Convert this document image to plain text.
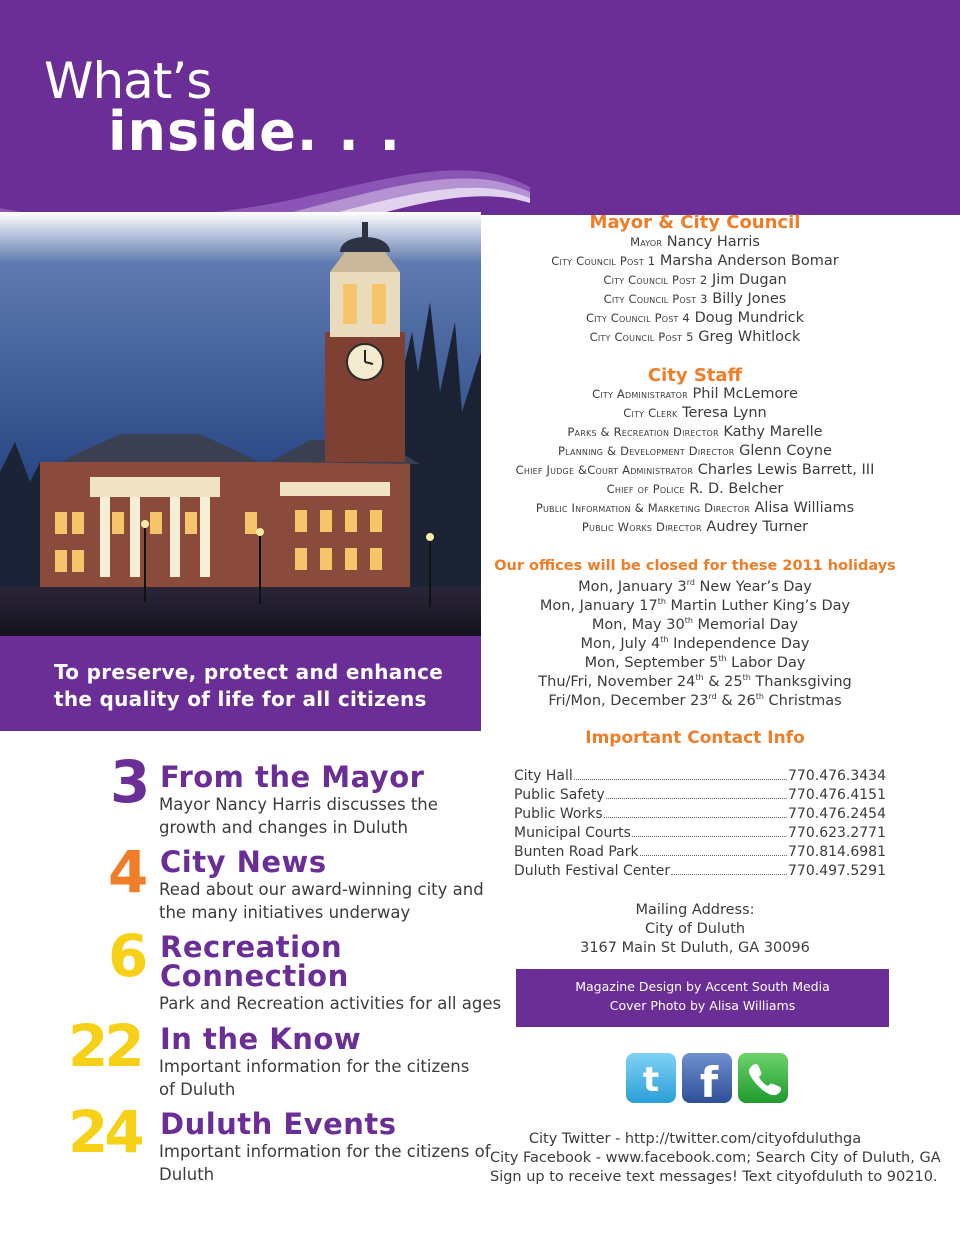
What’s
inside. . .
To preserve, protect and enhance
the quality of life for all citizens
3 From the Mayor
Mayor Nancy Harris discusses the
growth and changes in Duluth
4 City News
Read about our award-winning city and
the many initiatives underway
6 Recreation
Connection
Park and Recreation activities for all ages
22 In the Know
Important information for the citizens
of Duluth
24 Duluth Events
Important information for the citizens of
Duluth
Mayor & City Council
Mayor Nancy Harris
City Council Post 1 Marsha Anderson Bomar
City Council Post 2 Jim Dugan
City Council Post 3 Billy Jones
City Council Post 4 Doug Mundrick
City Council Post 5 Greg Whitlock
City Staff
City Administrator Phil McLemore
City Clerk Teresa Lynn
Parks & Recreation Director Kathy Marelle
Planning & Development Director Glenn Coyne
Chief Judge &Court Administrator Charles Lewis Barrett, III
Chief of Police R. D. Belcher
Public Information & Marketing Director Alisa Williams
Public Works Director Audrey Turner
Our offices will be closed for these 2011 holidays
Mon, January 3rd New Year’s Day
Mon, January 17th Martin Luther King’s Day
Mon, May 30th Memorial Day
Mon, July 4th Independence Day
Mon, September 5th Labor Day
Thu/Fri, November 24th & 25th Thanksgiving
Fri/Mon, December 23rd & 26th Christmas
Important Contact Info
City Hall	770.476.3434
Public Safety	770.476.4151
Public Works	770.476.2454
Municipal Courts	770.623.2771
Bunten Road Park	770.814.6981
Duluth Festival Center	770.497.5291
Mailing Address:
City of Duluth
3167 Main St Duluth, GA 30096
Magazine Design by Accent South Media
Cover Photo by Alisa Williams
t f
City Twitter - http://twitter.com/cityofduluthga
City Facebook - www.facebook.com; Search City of Duluth, GA
Sign up to receive text messages! Text cityofduluth to 90210.
